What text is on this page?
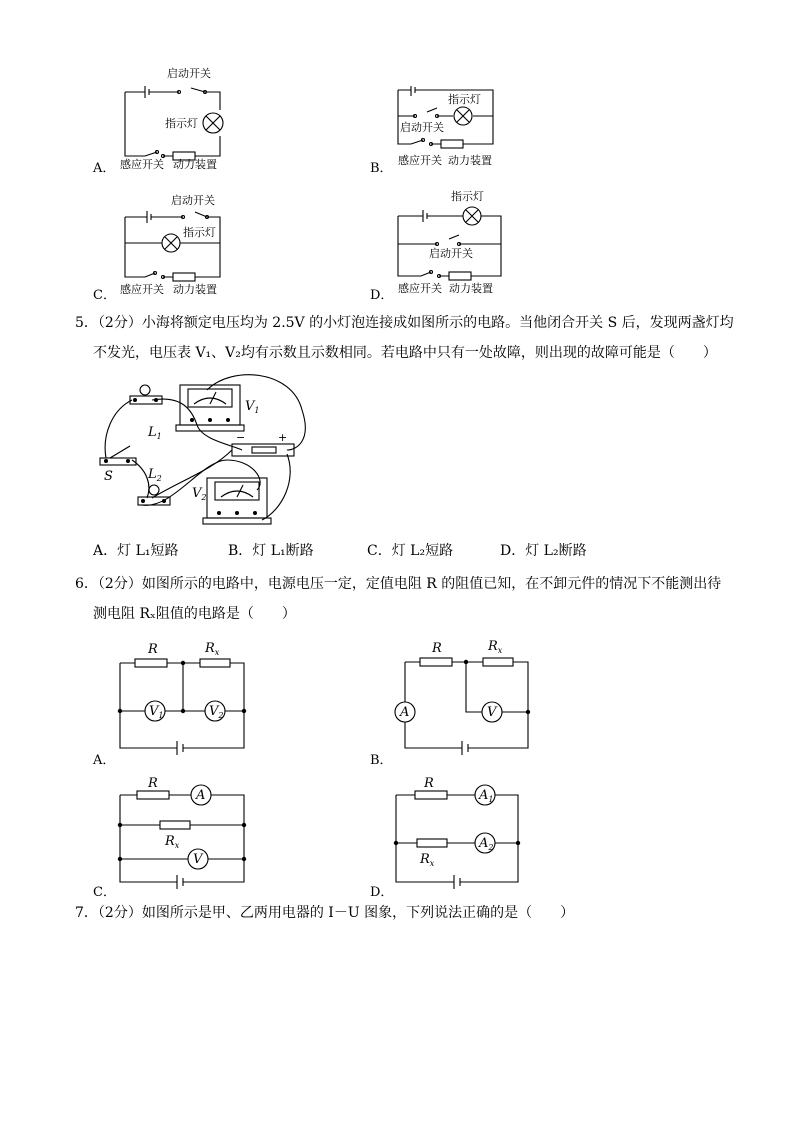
A．	B．
C．	D．
启动开关
指示灯
感应开关 动力装置
指示灯
启动开关
感应开关 动力装置
启动开关
指示灯
感应开关 动力装置
指示灯
启动开关
感应开关 动力装置
5．（2分）小海将额定电压均为 2.5V 的小灯泡连接成如图所示的电路。当他闭合开关 S 后，发现两盏灯均
不发光，电压表 V₁、V₂均有示数且示数相同。若电路中只有一处故障，则出现的故障可能是（　　）
$L_1$
$V_1$
−	+
S	$L_2$
$V_2$
A．灯 L₁短路	B．灯 L₁断路	C．灯 L₂短路	D．灯 L₂断路
6．（2分）如图所示的电路中，电源电压一定，定值电阻 R 的阻值已知，在不卸元件的情况下不能测出待
测电阻 Rₓ阻值的电路是（　　）
A．	B．
C．	D．
R	$R_x$
$V_1$	$V_2$
R	$R_x$
A	V
R
A
$R_x$
V
R
$A_1$
$R_x$
$A_2$
7．（2分）如图所示是甲、乙两用电器的 I－U 图象，下列说法正确的是（　　）
